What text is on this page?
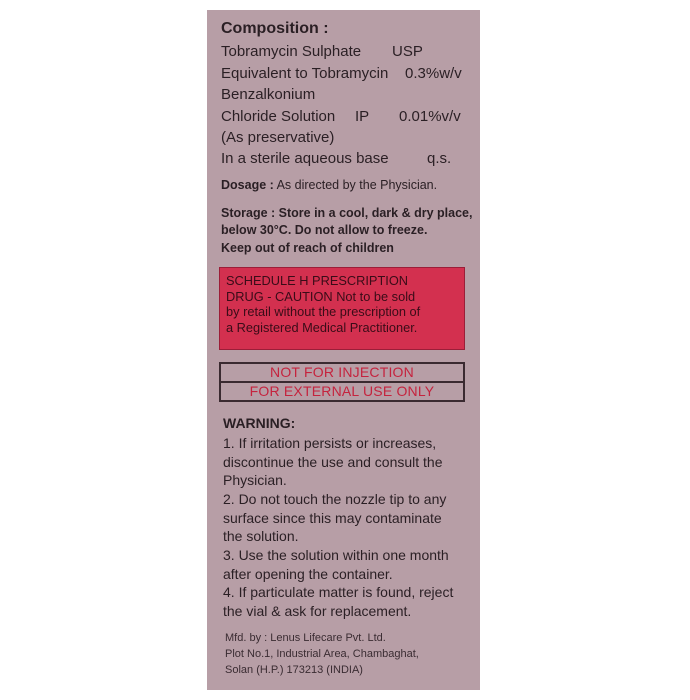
Composition :
Tobramycin Sulphate USP
Equivalent to Tobramycin 0.3%w/v
Benzalkonium
Chloride Solution IP 0.01%v/v
(As preservative)
In a sterile aqueous base	q.s.
Dosage : As directed by the Physician.
Storage : Store in a cool, dark & dry place,
below 30°C. Do not allow to freeze.
Keep out of reach of children
SCHEDULE H PRESCRIPTION
DRUG - CAUTION Not to be sold
by retail without the prescription of
a Registered Medical Practitioner.
NOT FOR INJECTION
FOR EXTERNAL USE ONLY
WARNING:
1. If irritation persists or increases,
discontinue the use and consult the
Physician.
2. Do not touch the nozzle tip to any
surface since this may contaminate
the solution.
3. Use the solution within one month
after opening the container.
4. If particulate matter is found, reject
the vial & ask for replacement.
Mfd. by : Lenus Lifecare Pvt. Ltd.
Plot No.1, Industrial Area, Chambaghat,
Solan (H.P.) 173213 (INDIA)
